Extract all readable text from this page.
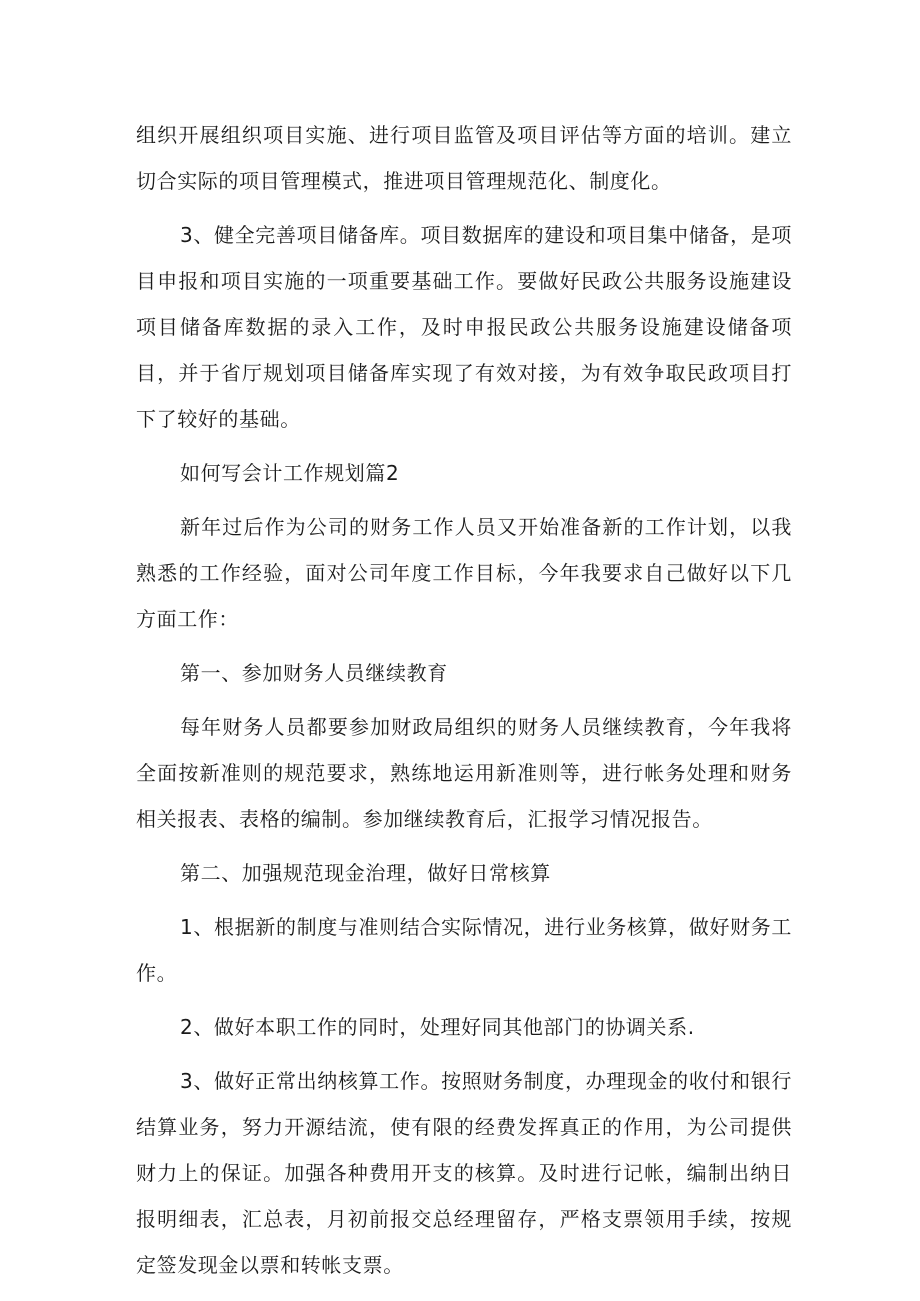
组织开展组织项目实施、进行项目监管及项目评估等方面的培训。建立切合实际的项目管理模式，推进项目管理规范化、制度化。

3、健全完善项目储备库。项目数据库的建设和项目集中储备，是项目申报和项目实施的一项重要基础工作。要做好民政公共服务设施建设项目储备库数据的录入工作，及时申报民政公共服务设施建设储备项目，并于省厅规划项目储备库实现了有效对接，为有效争取民政项目打下了较好的基础。

如何写会计工作规划篇2

新年过后作为公司的财务工作人员又开始准备新的工作计划，以我熟悉的工作经验，面对公司年度工作目标，今年我要求自己做好以下几方面工作：

第一、参加财务人员继续教育

每年财务人员都要参加财政局组织的财务人员继续教育，今年我将全面按新准则的规范要求，熟练地运用新准则等，进行帐务处理和财务相关报表、表格的编制。参加继续教育后，汇报学习情况报告。

第二、加强规范现金治理，做好日常核算

1、根据新的制度与准则结合实际情况，进行业务核算，做好财务工作。

2、做好本职工作的同时，处理好同其他部门的协调关系.

3、做好正常出纳核算工作。按照财务制度，办理现金的收付和银行结算业务，努力开源结流，使有限的经费发挥真正的作用，为公司提供财力上的保证。加强各种费用开支的核算。及时进行记帐，编制出纳日报明细表，汇总表，月初前报交总经理留存，严格支票领用手续，按规定签发现金以票和转帐支票。
